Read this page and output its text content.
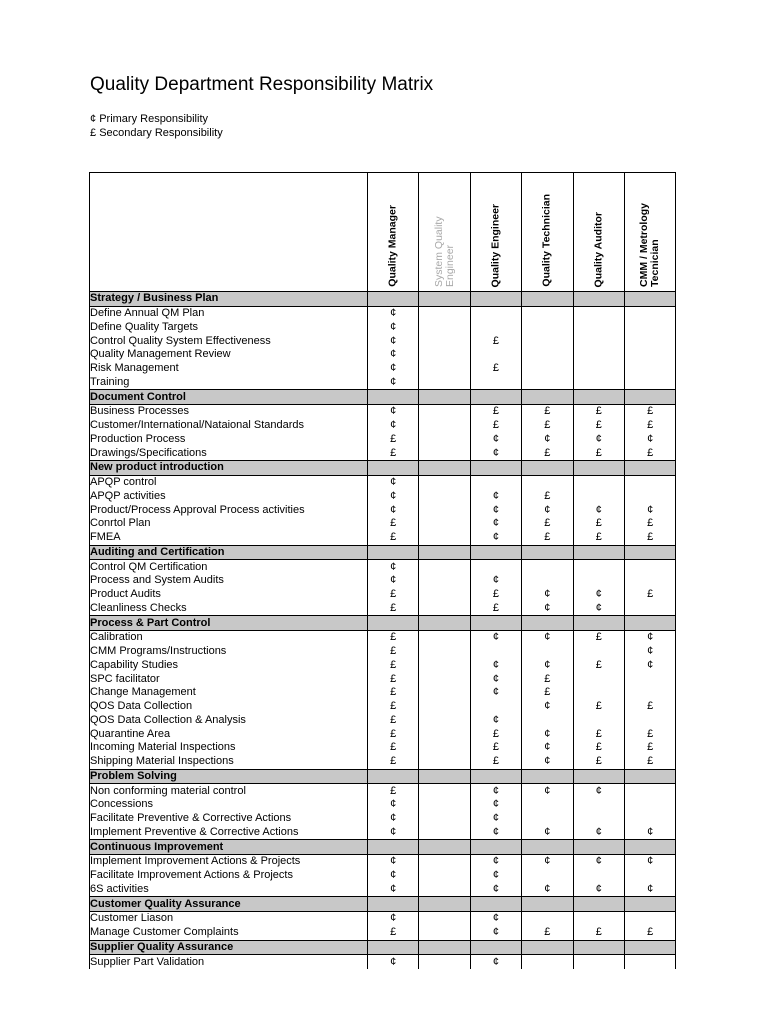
Quality Department Responsibility Matrix
¢ Primary Responsibility
£ Secondary Responsibility

	Quality Manager	System Quality Engineer	Quality Engineer	Quality Technician	Quality Auditor	CMM / Metrology Tecnician

Strategy / Business Plan						
Define Annual QM Plan	¢					
Define Quality Targets	¢					
Control Quality System Effectiveness	¢		£			
Quality Management Review	¢					
Risk Management	¢		£			
Training	¢					
Document Control						
Business Processes	¢		£	£	£	£
Customer/International/Nataional Standards	¢		£	£	£	£
Production Process	£		¢	¢	¢	¢
Drawings/Specifications	£		¢	£	£	£
New product introduction						
APQP control	¢					
APQP activities	¢		¢	£		
Product/Process Approval Process activities	¢		¢	¢	¢	¢
Conrtol Plan	£		¢	£	£	£
FMEA	£		¢	£	£	£
Auditing and Certification						
Control QM Certification	¢					
Process and System Audits	¢		¢			
Product Audits	£		£	¢	¢	£
Cleanliness Checks	£		£	¢	¢	
Process & Part Control						
Calibration	£		¢	¢	£	¢
CMM Programs/Instructions	£					¢
Capability Studies	£		¢	¢	£	¢
SPC facilitator	£		¢	£		
Change Management	£		¢	£		
QOS Data Collection	£			¢	£	£
QOS Data Collection & Analysis	£		¢			
Quarantine Area	£		£	¢	£	£
Incoming Material Inspections	£		£	¢	£	£
Shipping Material Inspections	£		£	¢	£	£
Problem Solving						
Non conforming material control	£		¢	¢	¢	
Concessions	¢		¢			
Facilitate Preventive & Corrective Actions	¢		¢			
Implement Preventive & Corrective Actions	¢		¢	¢	¢	¢
Continuous Improvement						
Implement Improvement Actions & Projects	¢		¢	¢	¢	¢
Facilitate Improvement Actions & Projects	¢		¢			
6S activities	¢		¢	¢	¢	¢
Customer Quality Assurance						
Customer Liason	¢		¢			
Manage Customer Complaints	£		¢	£	£	£
Supplier Quality Assurance						
Supplier Part Validation	¢		¢			
